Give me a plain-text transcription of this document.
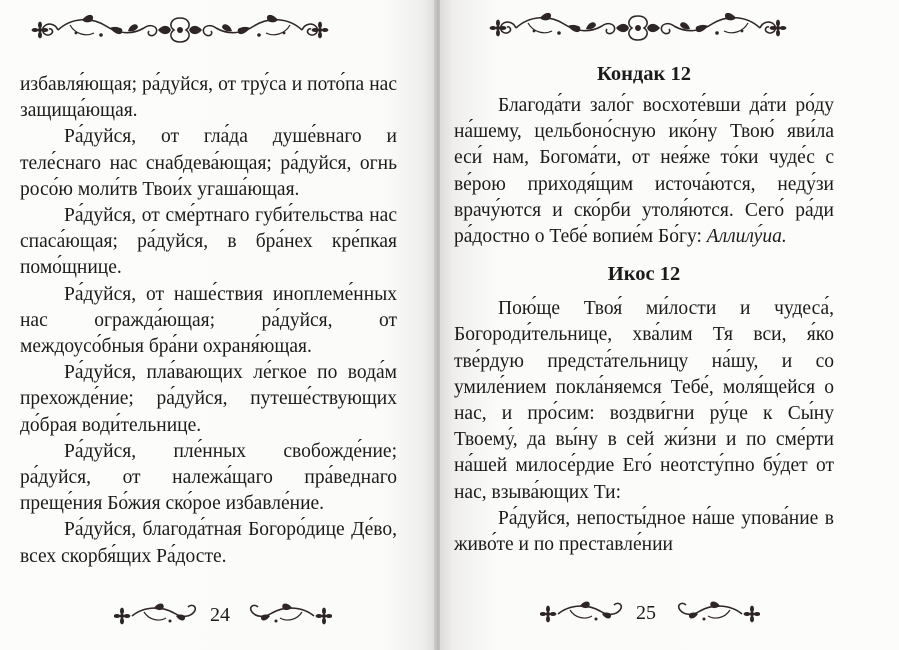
избавля́ющая; ра́дуйся, от тру́са и пото́па нас защища́ющая.

Ра́дуйся, от гла́да душе́внаго и теле́снаго нас снабдева́ющая; ра́дуйся, огнь росо́ю моли́тв Твои́х угаша́ющая.

Ра́дуйся, от сме́ртнаго губи́тельства нас спаса́ющая; ра́дуйся, в бра́нех кре́пкая помо́щнице.

Ра́дуйся, от наше́ствия иноплеме́нных нас огражда́ющая; ра́дуйся, от междоусо́бныя бра́ни охраня́ющая.

Ра́дуйся, пла́вающих ле́гкое по вода́м прехожде́ние; ра́дуйся, путеше́ствующих до́брая води́тельнице.

Ра́дуйся, пле́нных свобожде́ние; ра́дуйся, от належа́щаго пра́веднаго преще́ния Бо́жия ско́рое избавле́ние.

Ра́дуйся, благода́тная Богоро́дице Де́во, всех скорбя́щих Ра́досте.

24
Кондак 12

Благода́ти зало́г восхоте́вши да́ти ро́ду на́шему, цельбоно́сную ико́ну Твою́ яви́ла еси́ нам, Богома́ти, от нея́же то́ки чуде́с с ве́рою приходя́щим источа́ются, неду́зи врачу́ются и ско́рби утоля́ются. Сего́ ра́ди ра́достно о Тебе́ вопие́м Бо́гу: Аллилу́иа.

Икос 12

Пою́ще Твоя́ ми́лости и чудеса́, Богороди́тельнице, хва́лим Тя вси, я́ко тве́рдую предста́тельницу на́шу, и со умиле́нием покла́няемся Тебе́, моля́щейся о нас, и про́сим: воздви́гни ру́це к Сы́ну Твоему́, да вы́ну в сей жи́зни и по сме́рти на́шей милосе́рдие Его́ неотсту́пно бу́дет от нас, взыва́ющих Ти:

Ра́дуйся, непосты́дное на́ше упова́ние в живо́те и по преставле́нии

25
